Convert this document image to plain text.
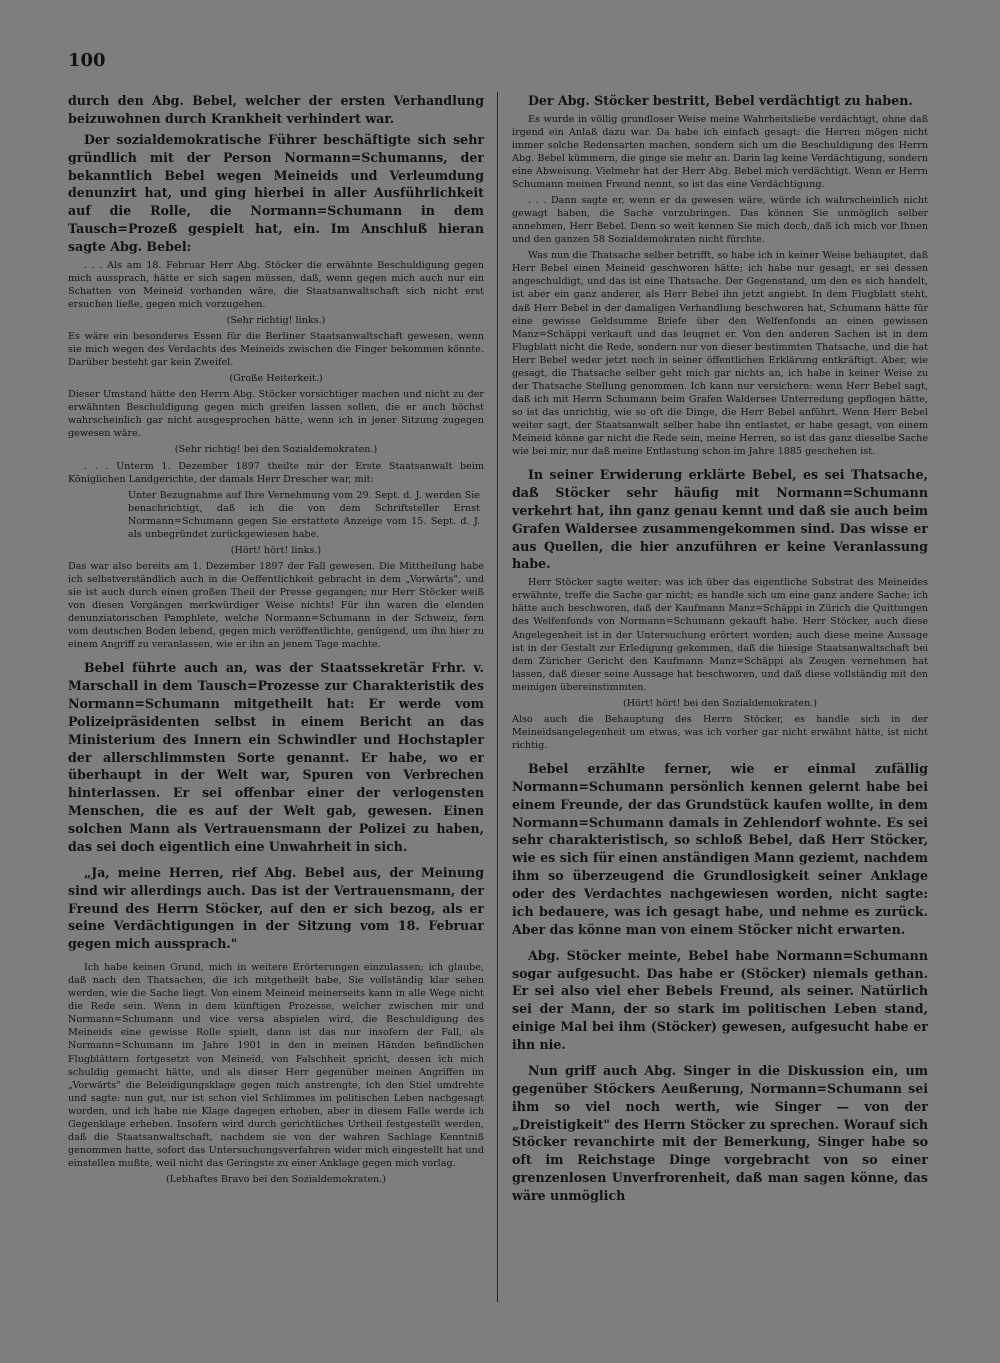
100

durch den Abg. Bebel, welcher der ersten Verhandlung beizuwohnen durch Krankheit verhindert war.

Der sozialdemokratische Führer beschäftigte sich sehr gründlich mit der Person Normann=Schumanns, der bekanntlich Bebel wegen Meineids und Verleumdung denunzirt hat, und ging hierbei in aller Ausführlichkeit auf die Rolle, die Normann=Schumann in dem Tausch=Prozeß gespielt hat, ein. Im Anschluß hieran sagte Abg. Bebel:

. . . Als am 18. Februar Herr Abg. Stöcker die erwähnte Beschuldigung gegen mich aussprach, hätte er sich sagen müssen, daß, wenn gegen mich auch nur ein Schatten von Meineid vorhanden wäre, die Staatsanwaltschaft sich nicht erst ersuchen ließe, gegen mich vorzugehen.

(Sehr richtig! links.)

Es wäre ein besonderes Essen für die Berliner Staatsanwaltschaft gewesen, wenn sie mich wegen des Verdachts des Meineids zwischen die Finger bekommen könnte. Darüber besteht gar kein Zweifel.

(Große Heiterkeit.)

Dieser Umstand hätte den Herrn Abg. Stöcker vorsichtiger machen und nicht zu der erwähnten Beschuldigung gegen mich greifen lassen sollen, die er auch höchst wahrscheinlich gar nicht ausgesprochen hätte, wenn ich in jener Sitzung zugegen gewesen wäre.

(Sehr richtig! bei den Sozialdemokraten.)

. . . Unterm 1. Dezember 1897 theilte mir der Erste Staatsanwalt beim Königlichen Landgerichte, der damals Herr Drescher war, mit:

Unter Bezugnahme auf Ihre Vernehmung vom 29. Sept. d. J. werden Sie benachrichtigt, daß ich die von dem Schriftsteller Ernst Normann=Schumann gegen Sie erstattete Anzeige vom 15. Sept. d. J. als unbegründet zurückgewiesen habe.

(Hört! hört! links.)

Das war also bereits am 1. Dezember 1897 der Fall gewesen. Die Mittheilung habe ich selbstverständlich auch in die Oeffentlichkeit gebracht in dem „Vorwärts", und sie ist auch durch einen großen Theil der Presse gegangen; nur Herr Stöcker weiß von diesen Vorgängen merkwürdiger Weise nichts! Für ihn waren die elenden denunziatorischen Pamphlete, welche Normann=Schumann in der Schweiz, fern vom deutschen Boden lebend, gegen mich veröffentlichte, genügend, um ihn hier zu einem Angriff zu veranlassen, wie er ihn an jenem Tage machte.

Bebel führte auch an, was der Staatssekretär Frhr. v. Marschall in dem Tausch=Prozesse zur Charakteristik des Normann=Schumann mitgetheilt hat: Er werde vom Polizeipräsidenten selbst in einem Bericht an das Ministerium des Innern ein Schwindler und Hochstapler der allerschlimmsten Sorte genannt. Er habe, wo er überhaupt in der Welt war, Spuren von Verbrechen hinterlassen. Er sei offenbar einer der verlogensten Menschen, die es auf der Welt gab, gewesen. Einen solchen Mann als Vertrauensmann der Polizei zu haben, das sei doch eigentlich eine Unwahrheit in sich.

„Ja, meine Herren, rief Abg. Bebel aus, der Meinung sind wir allerdings auch. Das ist der Vertrauensmann, der Freund des Herrn Stöcker, auf den er sich bezog, als er seine Verdächtigungen in der Sitzung vom 18. Februar gegen mich aussprach."

Ich habe keinen Grund, mich in weitere Erörterungen einzulassen; ich glaube, daß nach den Thatsachen, die ich mitgetheilt habe, Sie vollständig klar sehen werden, wie die Sache liegt. Von einem Meineid meinerseits kann in alle Wege nicht die Rede sein. Wenn in dem künftigen Prozesse, welcher zwischen mir und Normann=Schumann und vice versa abspielen wird, die Beschuldigung des Meineids eine gewisse Rolle spielt, dann ist das nur insofern der Fall, als Normann=Schumann im Jahre 1901 in den in meinen Händen befindlichen Flugblättern fortgesetzt von Meineid, von Falschheit spricht, dessen ich mich schuldig gemacht hätte, und als dieser Herr gegenüber meinen Angriffen im „Vorwärts" die Beleidigungsklage gegen mich anstrengte, ich den Stiel umdrehte und sagte: nun gut, nur ist schon viel Schlimmes im politischen Leben nachgesagt worden, und ich habe nie Klage dagegen erhoben, aber in diesem Falle werde ich Gegenklage erheben. Insofern wird durch gerichtliches Urtheil festgestellt werden, daß die Staatsanwaltschaft, nachdem sie von der wahren Sachlage Kenntniß genommen hatte, sofort das Untersuchungsverfahren wider mich eingestellt hat und einstellen mußte, weil nicht das Geringste zu einer Anklage gegen mich vorlag.

(Lebhaftes Bravo bei den Sozialdemokraten.)

Der Abg. Stöcker bestritt, Bebel verdächtigt zu haben.

Es wurde in völlig grundloser Weise meine Wahrheitsliebe verdächtigt, ohne daß irgend ein Anlaß dazu war. Da habe ich einfach gesagt: die Herren mögen nicht immer solche Redensarten machen, sondern sich um die Beschuldigung des Herrn Abg. Bebel kümmern, die ginge sie mehr an. Darin lag keine Verdächtigung, sondern eine Abweisung. Vielmehr hat der Herr Abg. Bebel mich verdächtigt. Wenn er Herrn Schumann meinen Freund nennt, so ist das eine Verdächtigung.

. . . Dann sagte er, wenn er da gewesen wäre, würde ich wahrscheinlich nicht gewagt haben, die Sache vorzubringen. Das können Sie unmöglich selber annehmen, Herr Bebel. Denn so weit kennen Sie mich doch, daß ich mich vor Ihnen und den ganzen 58 Sozialdemokraten nicht fürchte.

Was nun die Thatsache selber betrifft, so habe ich in keiner Weise behauptet, daß Herr Bebel einen Meineid geschworen hätte; ich habe nur gesagt, er sei dessen angeschuldigt, und das ist eine Thatsache. Der Gegenstand, um den es sich handelt, ist aber ein ganz anderer, als Herr Bebel ihn jetzt angiebt. In dem Flugblatt steht, daß Herr Bebel in der damaligen Verhandlung beschworen hat, Schumann hätte für eine gewisse Geldsumme Briefe über den Welfenfonds an einen gewissen Manz=Schäppi verkauft und das leugnet er. Von den anderen Sachen ist in dem Flugblatt nicht die Rede, sondern nur von dieser bestimmten Thatsache, und die hat Herr Bebel weder jetzt noch in seiner öffentlichen Erklärung entkräftigt. Aber, wie gesagt, die Thatsache selber geht mich gar nichts an, ich habe in keiner Weise zu der Thatsache Stellung genommen. Ich kann nur versichern: wenn Herr Bebel sagt, daß ich mit Herrn Schumann beim Grafen Waldersee Unterredung gepflogen hätte, so ist das unrichtig, wie so oft die Dinge, die Herr Bebel anführt. Wenn Herr Bebel weiter sagt, der Staatsanwalt selber habe ihn entlastet, er habe gesagt, von einem Meineid könne gar nicht die Rede sein, meine Herren, so ist das ganz dieselbe Sache wie bei mir, nur daß meine Entlastung schon im Jahre 1885 geschehen ist.

In seiner Erwiderung erklärte Bebel, es sei Thatsache, daß Stöcker sehr häufig mit Normann=Schumann verkehrt hat, ihn ganz genau kennt und daß sie auch beim Grafen Waldersee zusammengekommen sind. Das wisse er aus Quellen, die hier anzuführen er keine Veranlassung habe.

Herr Stöcker sagte weiter: was ich über das eigentliche Substrat des Meineides erwähnte, treffe die Sache gar nicht; es handle sich um eine ganz andere Sache; ich hätte auch beschworen, daß der Kaufmann Manz=Schäppi in Zürich die Quittungen des Welfenfonds von Normann=Schumann gekauft habe. Herr Stöcker, auch diese Angelegenheit ist in der Untersuchung erörtert worden; auch diese meine Aussage ist in der Gestalt zur Erledigung gekommen, daß die hiesige Staatsanwaltschaft bei dem Züricher Gericht den Kaufmann Manz=Schäppi als Zeugen vernehmen hat lassen, daß dieser seine Aussage hat beschworen, und daß diese vollständig mit den meinigen übereinstimmten.

(Hört! hört! bei den Sozialdemokraten.)

Also auch die Behauptung des Herrn Stöcker, es handle sich in der Meineidsangelegenheit um etwas, was ich vorher gar nicht erwähnt hätte, ist nicht richtig.

Bebel erzählte ferner, wie er einmal zufällig Normann=Schumann persönlich kennen gelernt habe bei einem Freunde, der das Grundstück kaufen wollte, in dem Normann=Schumann damals in Zehlendorf wohnte. Es sei sehr charakteristisch, so schloß Bebel, daß Herr Stöcker, wie es sich für einen anständigen Mann geziemt, nachdem ihm so überzeugend die Grundlosigkeit seiner Anklage oder des Verdachtes nachgewiesen worden, nicht sagte: ich bedauere, was ich gesagt habe, und nehme es zurück. Aber das könne man von einem Stöcker nicht erwarten.

Abg. Stöcker meinte, Bebel habe Normann=Schumann sogar aufgesucht. Das habe er (Stöcker) niemals gethan. Er sei also viel eher Bebels Freund, als seiner. Natürlich sei der Mann, der so stark im politischen Leben stand, einige Mal bei ihm (Stöcker) gewesen, aufgesucht habe er ihn nie.

Nun griff auch Abg. Singer in die Diskussion ein, um gegenüber Stöckers Aeußerung, Normann=Schumann sei ihm so viel noch werth, wie Singer — von der „Dreistigkeit" des Herrn Stöcker zu sprechen. Worauf sich Stöcker revanchirte mit der Bemerkung, Singer habe so oft im Reichstage Dinge vorgebracht von so einer grenzenlosen Unverfrorenheit, daß man sagen könne, das wäre unmöglich
